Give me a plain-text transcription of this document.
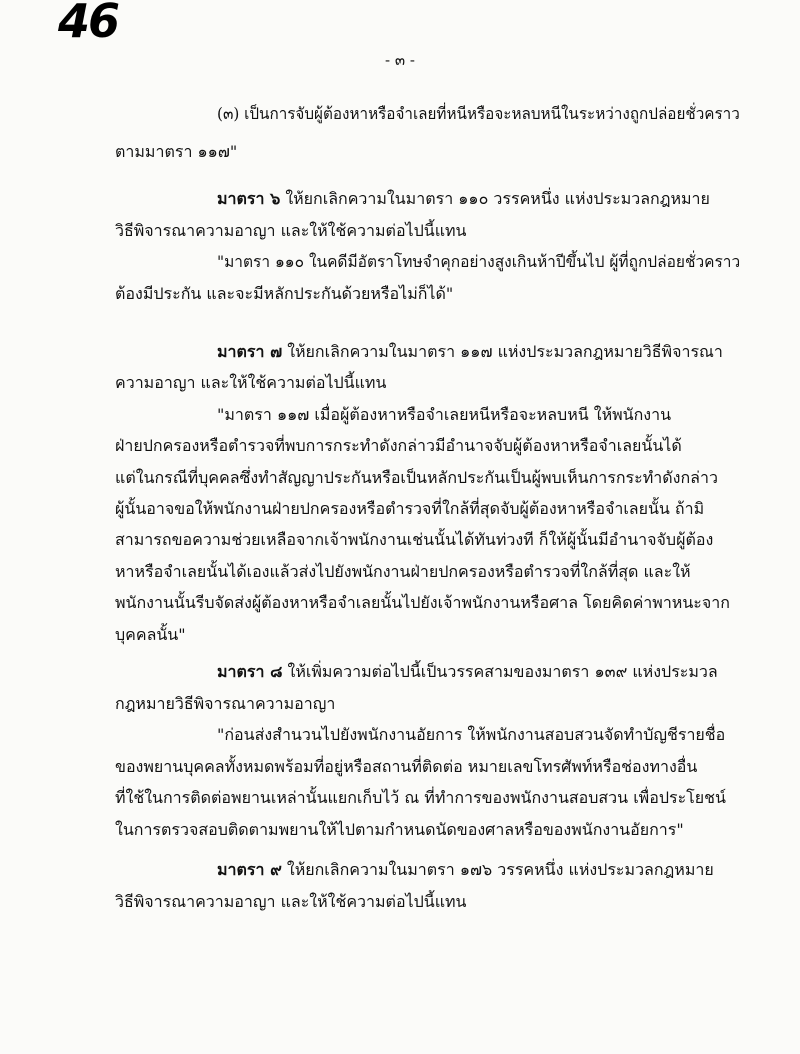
46
- ๓ -
(๓) เป็นการจับผู้ต้องหาหรือจำเลยที่หนีหรือจะหลบหนีในระหว่างถูกปล่อยชั่วคราว
ตามมาตรา ๑๑๗"
มาตรา ๖ ให้ยกเลิกความในมาตรา ๑๑๐ วรรคหนึ่ง แห่งประมวลกฎหมาย
วิธีพิจารณาความอาญา และให้ใช้ความต่อไปนี้แทน
"มาตรา ๑๑๐ ในคดีมีอัตราโทษจำคุกอย่างสูงเกินห้าปีขึ้นไป ผู้ที่ถูกปล่อยชั่วคราว
ต้องมีประกัน และจะมีหลักประกันด้วยหรือไม่ก็ได้"
มาตรา ๗ ให้ยกเลิกความในมาตรา ๑๑๗ แห่งประมวลกฎหมายวิธีพิจารณา
ความอาญา และให้ใช้ความต่อไปนี้แทน
"มาตรา ๑๑๗ เมื่อผู้ต้องหาหรือจำเลยหนีหรือจะหลบหนี ให้พนักงาน
ฝ่ายปกครองหรือตำรวจที่พบการกระทำดังกล่าวมีอำนาจจับผู้ต้องหาหรือจำเลยนั้นได้
แต่ในกรณีที่บุคคลซึ่งทำสัญญาประกันหรือเป็นหลักประกันเป็นผู้พบเห็นการกระทำดังกล่าว
ผู้นั้นอาจขอให้พนักงานฝ่ายปกครองหรือตำรวจที่ใกล้ที่สุดจับผู้ต้องหาหรือจำเลยนั้น ถ้ามิ
สามารถขอความช่วยเหลือจากเจ้าพนักงานเช่นนั้นได้ทันท่วงที ก็ให้ผู้นั้นมีอำนาจจับผู้ต้อง
หาหรือจำเลยนั้นได้เองแล้วส่งไปยังพนักงานฝ่ายปกครองหรือตำรวจที่ใกล้ที่สุด และให้
พนักงานนั้นรีบจัดส่งผู้ต้องหาหรือจำเลยนั้นไปยังเจ้าพนักงานหรือศาล โดยคิดค่าพาหนะจาก
บุคคลนั้น"
มาตรา ๘ ให้เพิ่มความต่อไปนี้เป็นวรรคสามของมาตรา ๑๓๙ แห่งประมวล
กฎหมายวิธีพิจารณาความอาญา
"ก่อนส่งสำนวนไปยังพนักงานอัยการ ให้พนักงานสอบสวนจัดทำบัญชีรายชื่อ
ของพยานบุคคลทั้งหมดพร้อมที่อยู่หรือสถานที่ติดต่อ หมายเลขโทรศัพท์หรือช่องทางอื่น
ที่ใช้ในการติดต่อพยานเหล่านั้นแยกเก็บไว้ ณ ที่ทำการของพนักงานสอบสวน เพื่อประโยชน์
ในการตรวจสอบติดตามพยานให้ไปตามกำหนดนัดของศาลหรือของพนักงานอัยการ"
มาตรา ๙ ให้ยกเลิกความในมาตรา ๑๗๖ วรรคหนึ่ง แห่งประมวลกฎหมาย
วิธีพิจารณาความอาญา และให้ใช้ความต่อไปนี้แทน
